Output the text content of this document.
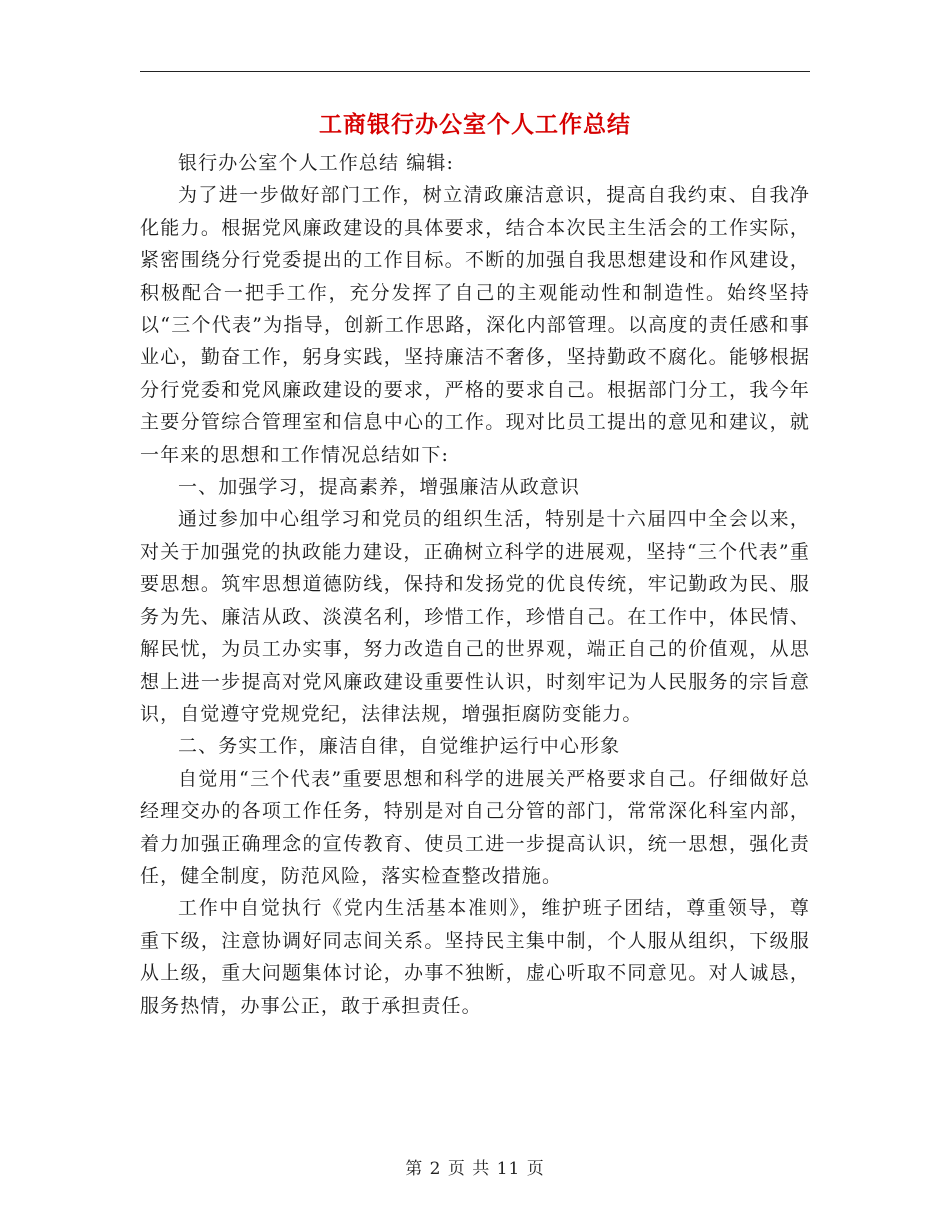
工商银行办公室个人工作总结

银行办公室个人工作总结 编辑:

为了进一步做好部门工作，树立清政廉洁意识，提高自我约束、自我净化能力。根据党风廉政建设的具体要求，结合本次民主生活会的工作实际，紧密围绕分行党委提出的工作目标。不断的加强自我思想建设和作风建设，积极配合一把手工作，充分发挥了自己的主观能动性和制造性。始终坚持以“三个代表”为指导，创新工作思路，深化内部管理。以高度的责任感和事业心，勤奋工作，躬身实践，坚持廉洁不奢侈，坚持勤政不腐化。能够根据分行党委和党风廉政建设的要求，严格的要求自己。根据部门分工，我今年主要分管综合管理室和信息中心的工作。现对比员工提出的意见和建议，就一年来的思想和工作情况总结如下:

一、加强学习，提高素养，增强廉洁从政意识

通过参加中心组学习和党员的组织生活，特别是十六届四中全会以来，对关于加强党的执政能力建设，正确树立科学的进展观，坚持“三个代表”重要思想。筑牢思想道德防线，保持和发扬党的优良传统，牢记勤政为民、服务为先、廉洁从政、淡漠名利，珍惜工作，珍惜自己。在工作中，体民情、解民忧，为员工办实事，努力改造自己的世界观，端正自己的价值观，从思想上进一步提高对党风廉政建设重要性认识，时刻牢记为人民服务的宗旨意识，自觉遵守党规党纪，法律法规，增强拒腐防变能力。

二、务实工作，廉洁自律，自觉维护运行中心形象

自觉用“三个代表”重要思想和科学的进展关严格要求自己。仔细做好总经理交办的各项工作任务，特别是对自己分管的部门，常常深化科室内部，着力加强正确理念的宣传教育、使员工进一步提高认识，统一思想，强化责任，健全制度，防范风险，落实检查整改措施。

工作中自觉执行《党内生活基本准则》，维护班子团结，尊重领导，尊重下级，注意协调好同志间关系。坚持民主集中制，个人服从组织，下级服从上级，重大问题集体讨论，办事不独断，虚心听取不同意见。对人诚恳，服务热情，办事公正，敢于承担责任。

第 2 页 共 11 页
